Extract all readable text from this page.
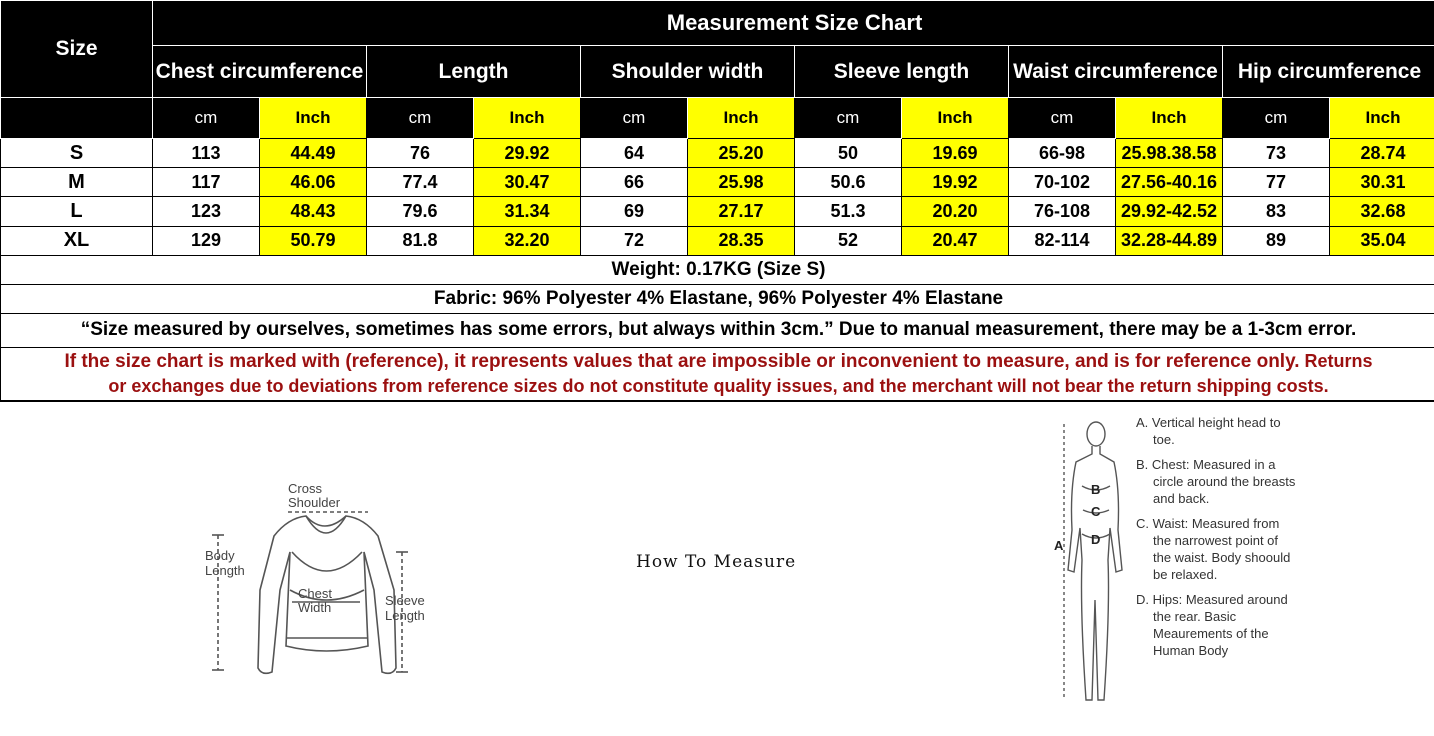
Size	Measurement Size Chart											
	Chest circumference		Length		Shoulder width		Sleeve length		Waist circumference		Hip circumference	
	cm	Inch	cm	Inch	cm	Inch	cm	Inch	cm	Inch	cm	Inch
S	113	44.49	76	29.92	64	25.20	50	19.69	66-98	25.98.38.58	73	28.74
M	117	46.06	77.4	30.47	66	25.98	50.6	19.92	70-102	27.56-40.16	77	30.31
L	123	48.43	79.6	31.34	69	27.17	51.3	20.20	76-108	29.92-42.52	83	32.68
XL	129	50.79	81.8	32.20	72	28.35	52	20.47	82-114	32.28-44.89	89	35.04
Weight: 0.17KG (Size S)												
Fabric: 96% Polyester 4% Elastane, 96% Polyester 4% Elastane												
“Size measured by ourselves, sometimes has some errors, but always within 3cm.” Due to manual measurement, there may be a 1-3cm error.												
If the size chart is marked with (reference), it represents values that are impossible or inconvenient to measure, and is for reference only. Returns
or exchanges due to deviations from reference sizes do not constitute quality issues, and the merchant will not bear the return shipping costs.												
Cross
Shoulder
Body
Length
Chest
Width	Sleeve
Length
How To Measure
B
C
D
A

A. Vertical height head to toe.

B. Chest: Measured in a circle around the breasts and back.

C. Waist: Measured from the narrowest point of the waist. Body shoould be relaxed.

D. Hips: Measured around the rear. Basic Meaurements of the Human Body
